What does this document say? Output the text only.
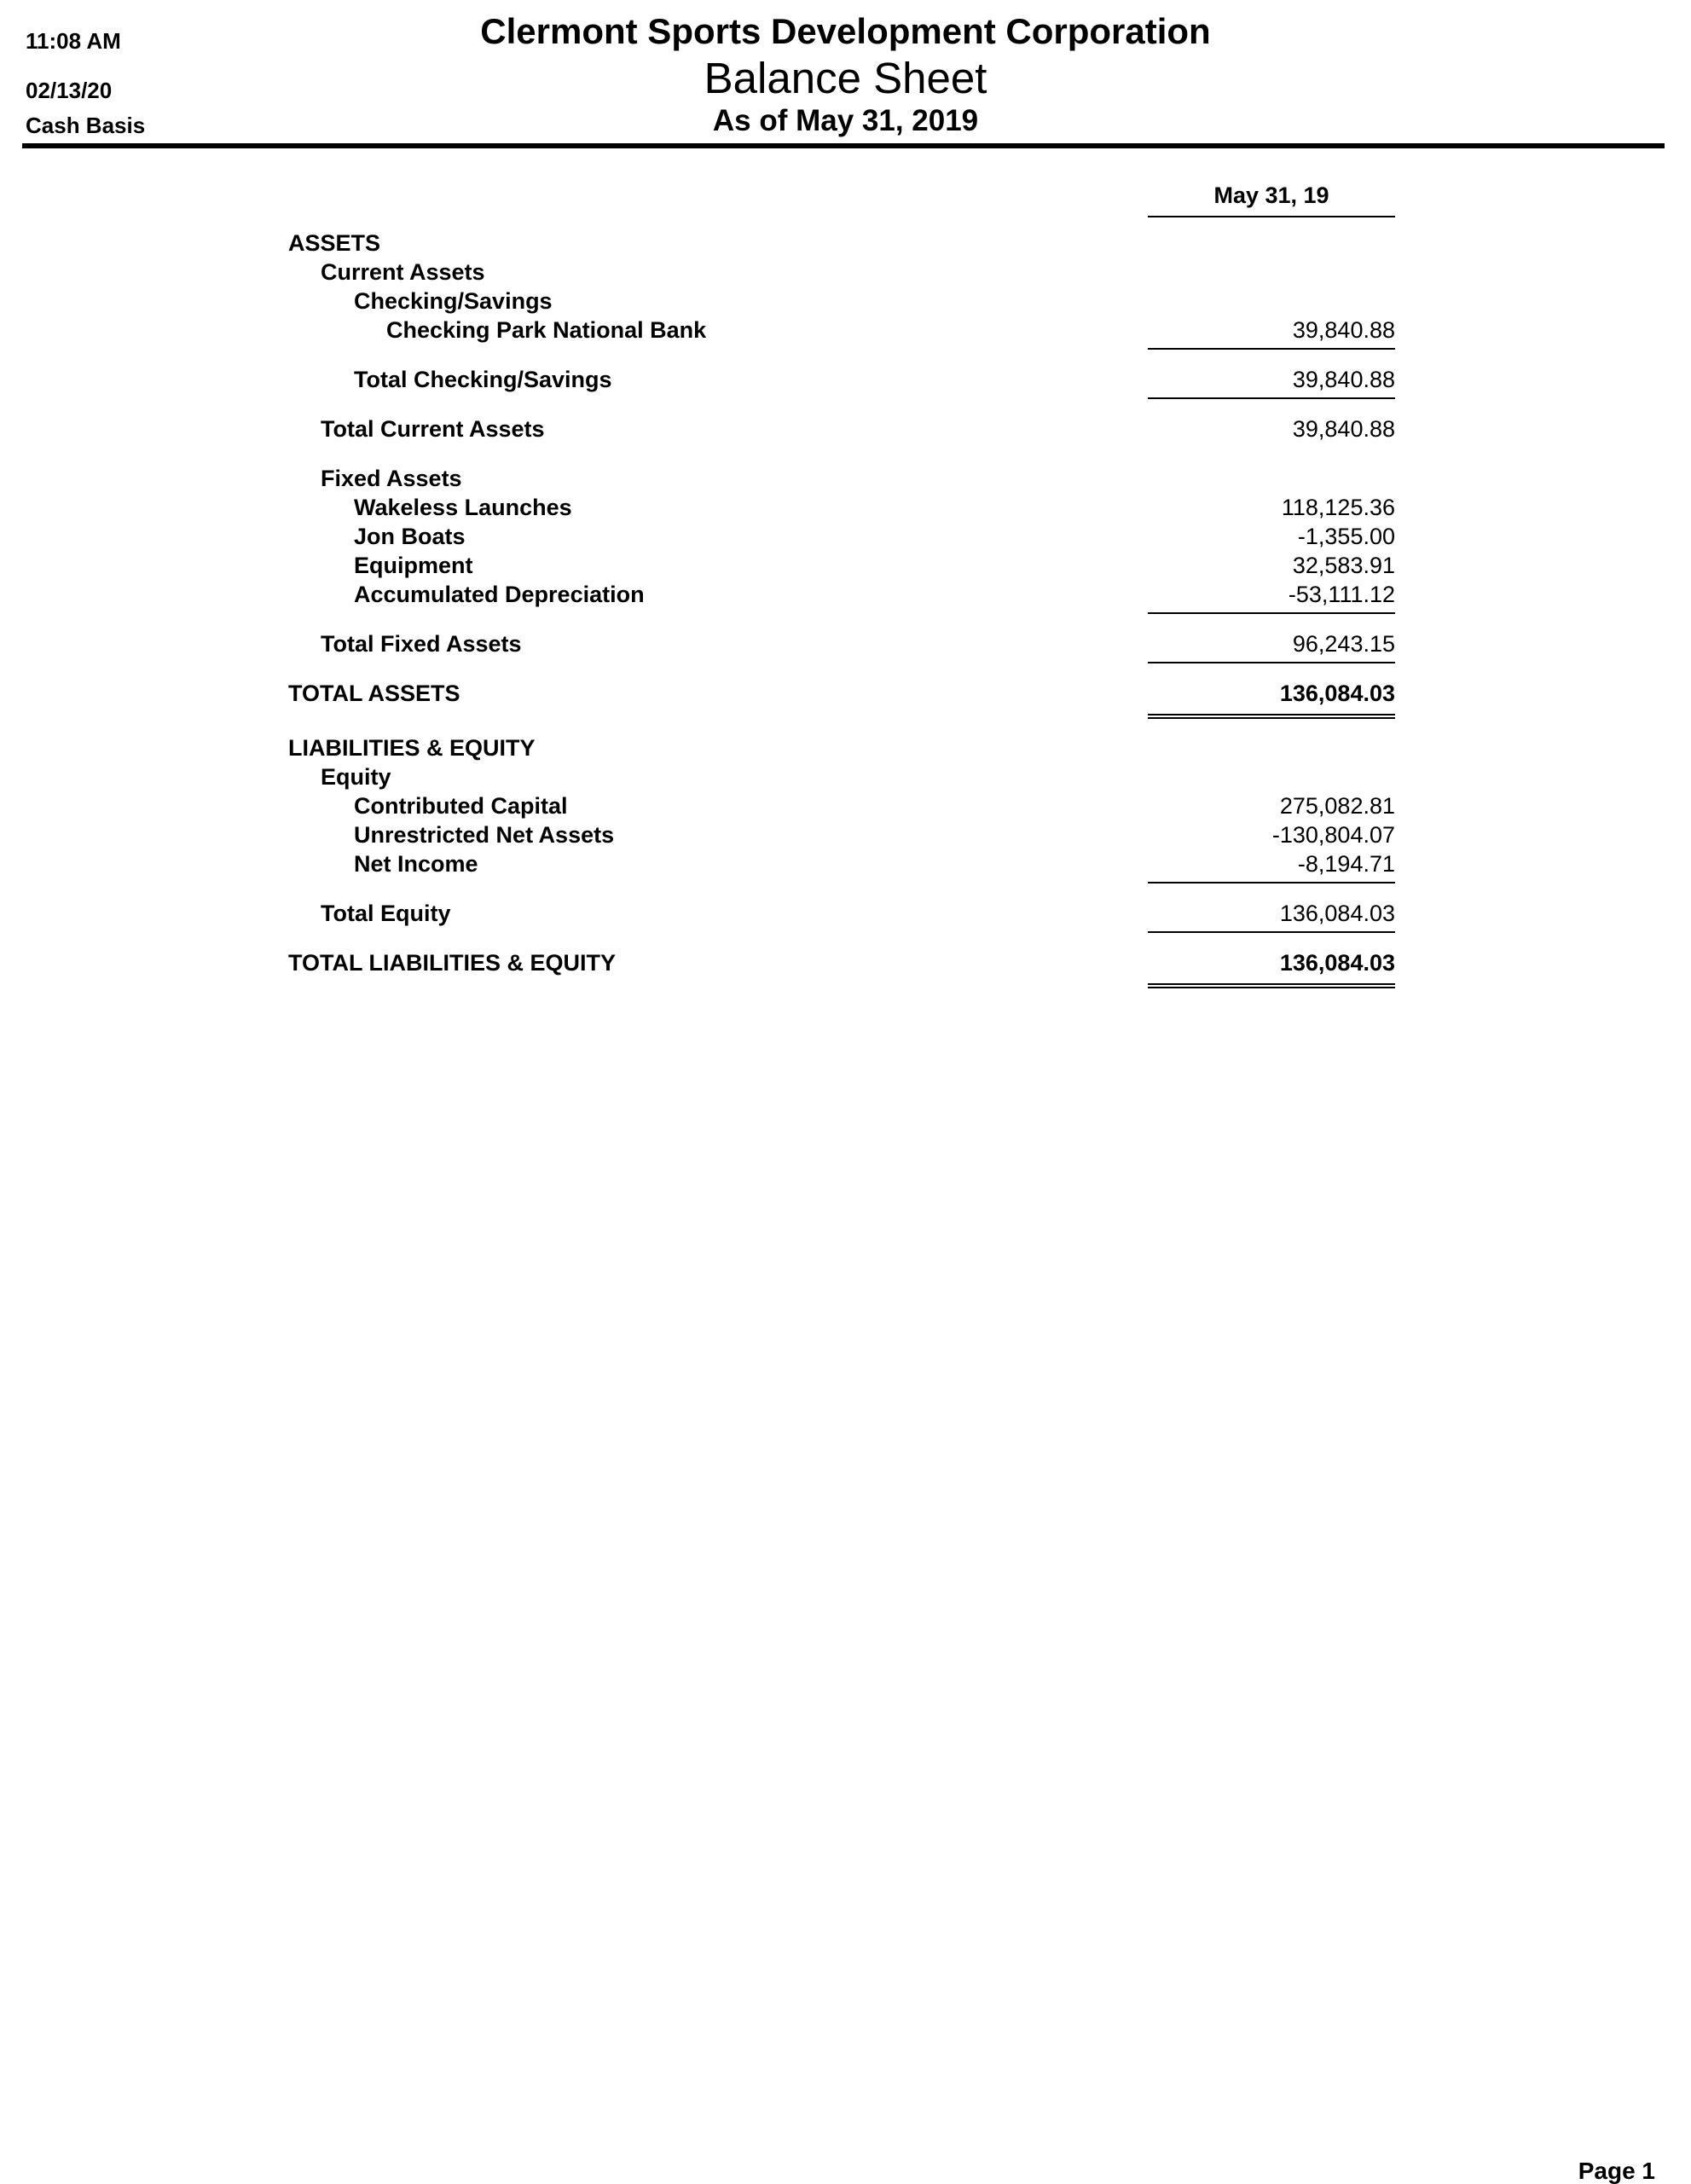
11:08 AM
02/13/20
Cash Basis
Clermont Sports Development Corporation
Balance Sheet
As of May 31, 2019
May 31, 19
ASSETS
Current Assets
Checking/Savings
Checking Park National Bank	39,840.88
Total Checking/Savings	39,840.88
Total Current Assets	39,840.88
Fixed Assets
Wakeless Launches	118,125.36
Jon Boats	-1,355.00
Equipment	32,583.91
Accumulated Depreciation	-53,111.12
Total Fixed Assets	96,243.15
TOTAL ASSETS	136,084.03
LIABILITIES & EQUITY
Equity
Contributed Capital	275,082.81
Unrestricted Net Assets	-130,804.07
Net Income	-8,194.71
Total Equity	136,084.03
TOTAL LIABILITIES & EQUITY	136,084.03
Page 1
